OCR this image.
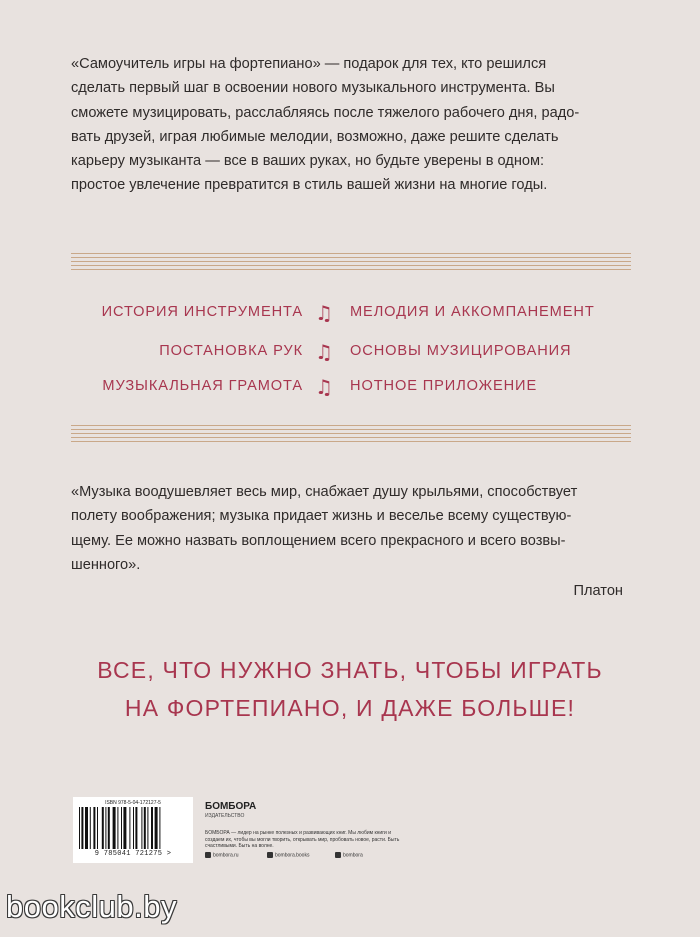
«Самоучитель игры на фортепиано» — подарок для тех, кто решился

сделать первый шаг в освоении нового музыкального инструмента. Вы

сможете музицировать, расслабляясь после тяжелого рабочего дня, радо-

вать друзей, играя любимые мелодии, возможно, даже решите сделать

карьеру музыканта — все в ваших руках, но будьте уверены в одном:

простое увлечение превратится в стиль вашей жизни на многие годы.

ИСТОРИЯ ИНСТРУМЕНТА ♫ МЕЛОДИЯ И АККОМПАНЕМЕНТ
ПОСТАНОВКА РУК ♫ ОСНОВЫ МУЗИЦИРОВАНИЯ
МУЗЫКАЛЬНАЯ ГРАМОТА ♫ НОТНОЕ ПРИЛОЖЕНИЕ

«Музыка воодушевляет весь мир, снабжает душу крыльями, способствует

полету воображения; музыка придает жизнь и веселье всему существую-

щему. Ее можно назвать воплощением всего прекрасного и всего возвы-

шенного».

Платон
ВСЕ, ЧТО НУЖНО ЗНАТЬ, ЧТОБЫ ИГРАТЬ
НА ФОРТЕПИАНО, И ДАЖЕ БОЛЬШЕ!
ISBN 978-5-04-172127-5
9 785041 721275 >
БОМБОРА
ИЗДАТЕЛЬСТВО
БОМБОРА — лидер на рынке полезных и развивающих книг. Мы любим книги и создаем их, чтобы вы могли творить, открывать мир, пробовать новое, расти. Быть счастливыми. Быть на волне.
bombora.ru	bombora.books	bombora
bookclub.by
